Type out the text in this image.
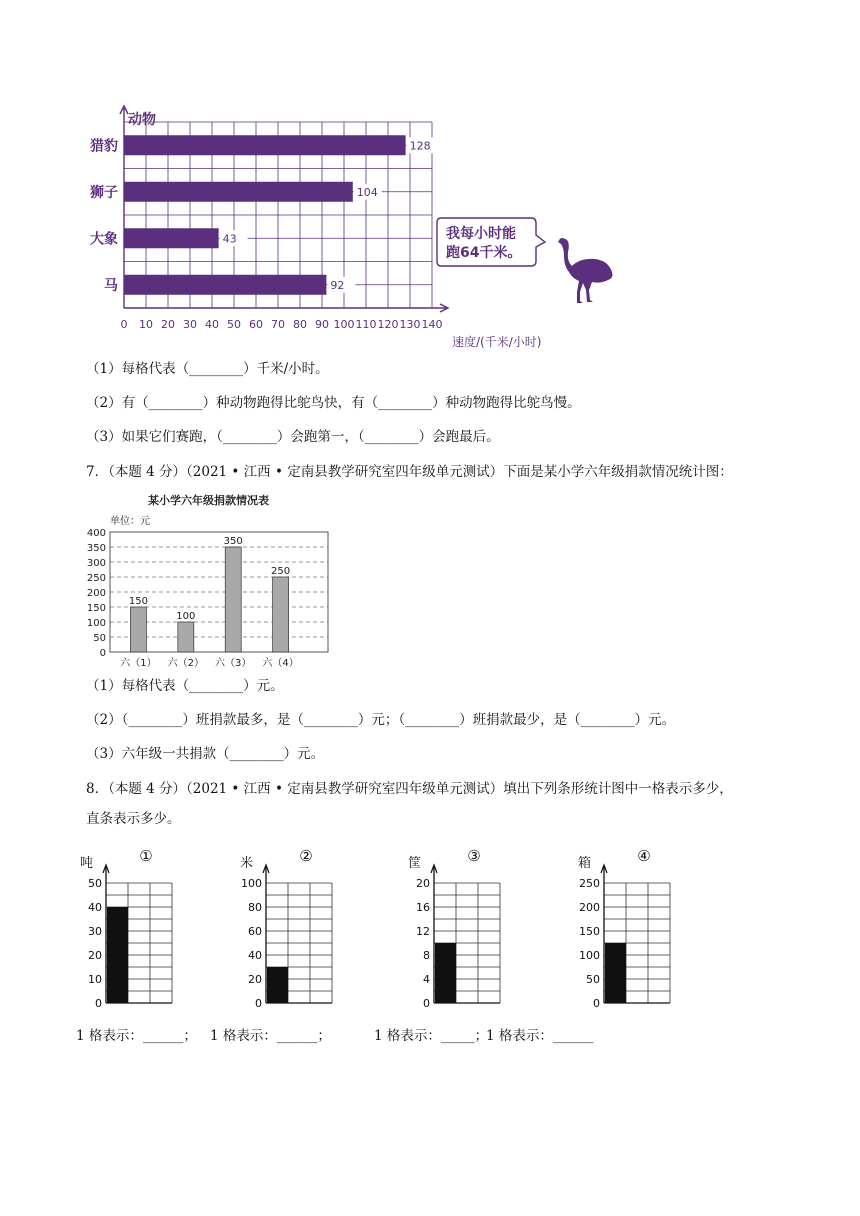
动物
速度/(千米/小时)
0 10 20 30 40 50 60 70 80 90 100 110 120 130 140
猎豹	128
狮子	104
大象	43
马	92
我每小时能
跑64千米。
（1）每格代表（________）千米/小时。
（2）有（________）种动物跑得比鸵鸟快，有（________）种动物跑得比鸵鸟慢。
（3）如果它们赛跑，（________）会跑第一，（________）会跑最后。
7．（本题 4 分）（2021 • 江西 • 定南县教学研究室四年级单元测试）下面是某小学六年级捐款情况统计图：
某小学六年级捐款情况表
单位：元
0
50
100
150
200
250
300
350
400
150
六（1）
100
六（2）
350
六（3）
250
六（4）
（1）每格代表（________）元。
（2）（________）班捐款最多，是（________）元；（________）班捐款最少，是（________）元。
（3）六年级一共捐款（________）元。
8．（本题 4 分）（2021 • 江西 • 定南县教学研究室四年级单元测试）填出下列条形统计图中一格表示多少，
直条表示多少。
吨	①
0
10
20
30
40
50
米	②
0
20
40
60
80
100
筐	③
0
4
8
12
16
20
箱	④
0
50
100
150
200
250
1 格表示：______； 1 格表示：______；	1 格表示：_____；
1 格表示：______
